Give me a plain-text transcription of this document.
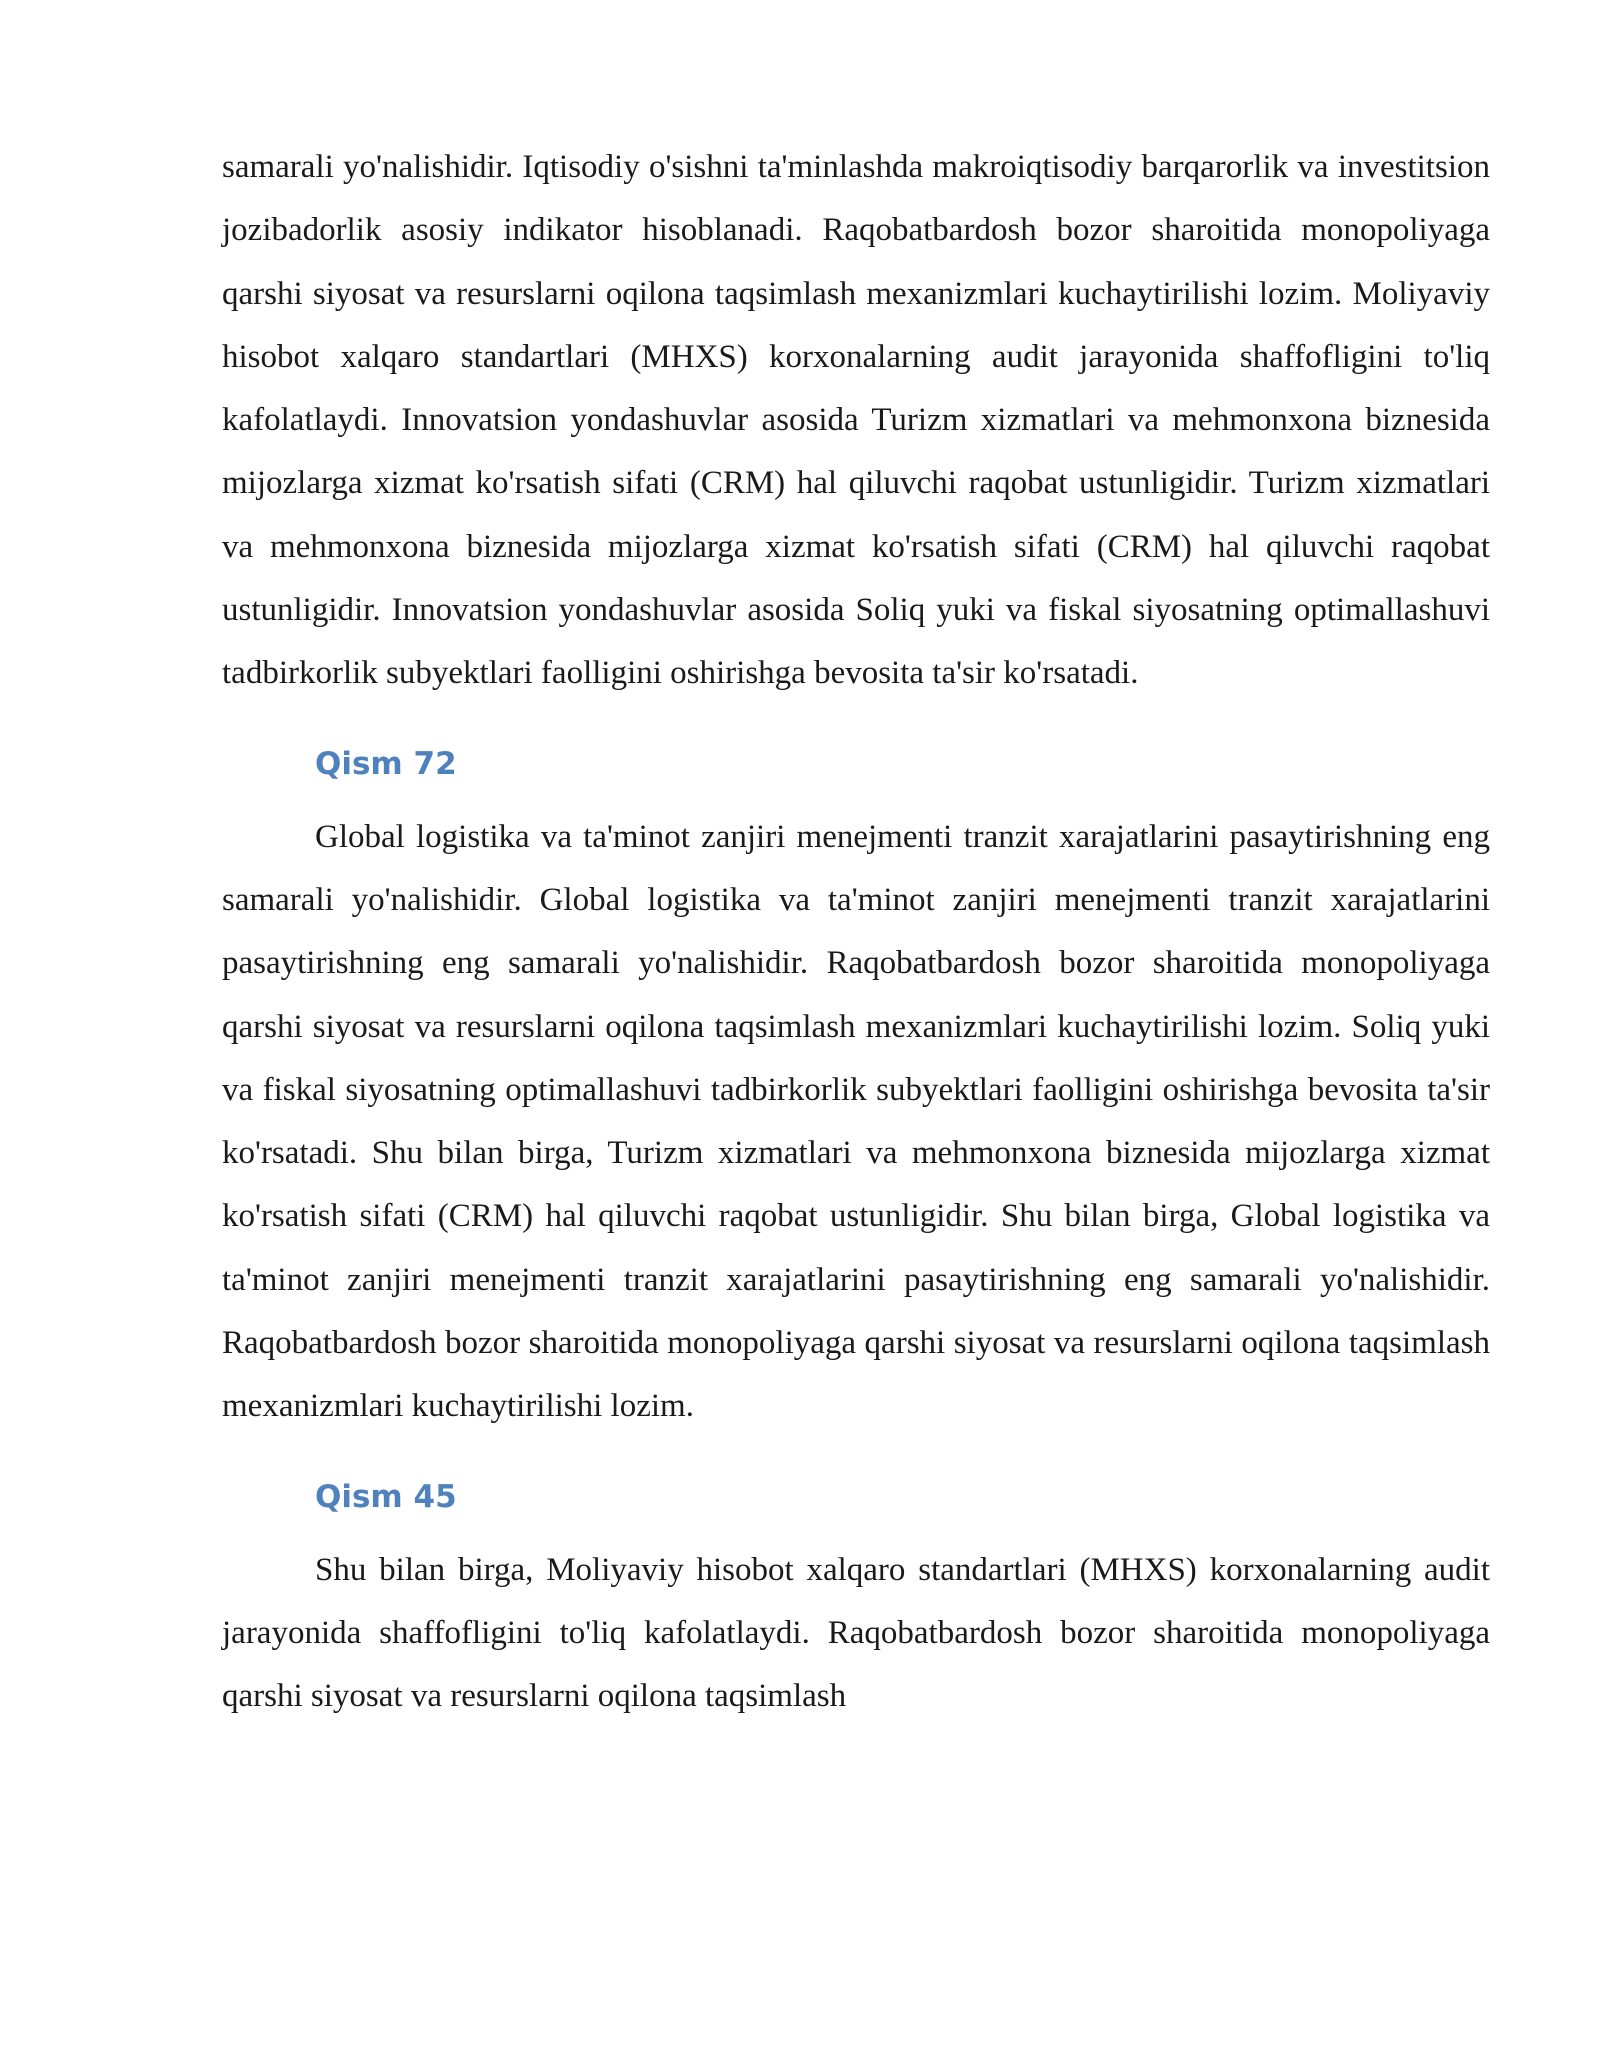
samarali yo'nalishidir. Iqtisodiy o'sishni ta'minlashda makroiqtisodiy barqarorlik va investitsion jozibadorlik asosiy indikator hisoblanadi. Raqobatbardosh bozor sharoitida monopoliyaga qarshi siyosat va resurslarni oqilona taqsimlash mexanizmlari kuchaytirilishi lozim. Moliyaviy hisobot xalqaro standartlari (MHXS) korxonalarning audit jarayonida shaffofligini to'liq kafolatlaydi. Innovatsion yondashuvlar asosida Turizm xizmatlari va mehmonxona biznesida mijozlarga xizmat ko'rsatish sifati (CRM) hal qiluvchi raqobat ustunligidir. Turizm xizmatlari va mehmonxona biznesida mijozlarga xizmat ko'rsatish sifati (CRM) hal qiluvchi raqobat ustunligidir. Innovatsion yondashuvlar asosida Soliq yuki va fiskal siyosatning optimallashuvi tadbirkorlik subyektlari faolligini oshirishga bevosita ta'sir ko'rsatadi.

Qism 72

Global logistika va ta'minot zanjiri menejmenti tranzit xarajatlarini pasaytirishning eng samarali yo'nalishidir. Global logistika va ta'minot zanjiri menejmenti tranzit xarajatlarini pasaytirishning eng samarali yo'nalishidir. Raqobatbardosh bozor sharoitida monopoliyaga qarshi siyosat va resurslarni oqilona taqsimlash mexanizmlari kuchaytirilishi lozim. Soliq yuki va fiskal siyosatning optimallashuvi tadbirkorlik subyektlari faolligini oshirishga bevosita ta'sir ko'rsatadi. Shu bilan birga, Turizm xizmatlari va mehmonxona biznesida mijozlarga xizmat ko'rsatish sifati (CRM) hal qiluvchi raqobat ustunligidir. Shu bilan birga, Global logistika va ta'minot zanjiri menejmenti tranzit xarajatlarini pasaytirishning eng samarali yo'nalishidir. Raqobatbardosh bozor sharoitida monopoliyaga qarshi siyosat va resurslarni oqilona taqsimlash mexanizmlari kuchaytirilishi lozim.

Qism 45

Shu bilan birga, Moliyaviy hisobot xalqaro standartlari (MHXS) korxonalarning audit jarayonida shaffofligini to'liq kafolatlaydi. Raqobatbardosh bozor sharoitida monopoliyaga qarshi siyosat va resurslarni oqilona taqsimlash
